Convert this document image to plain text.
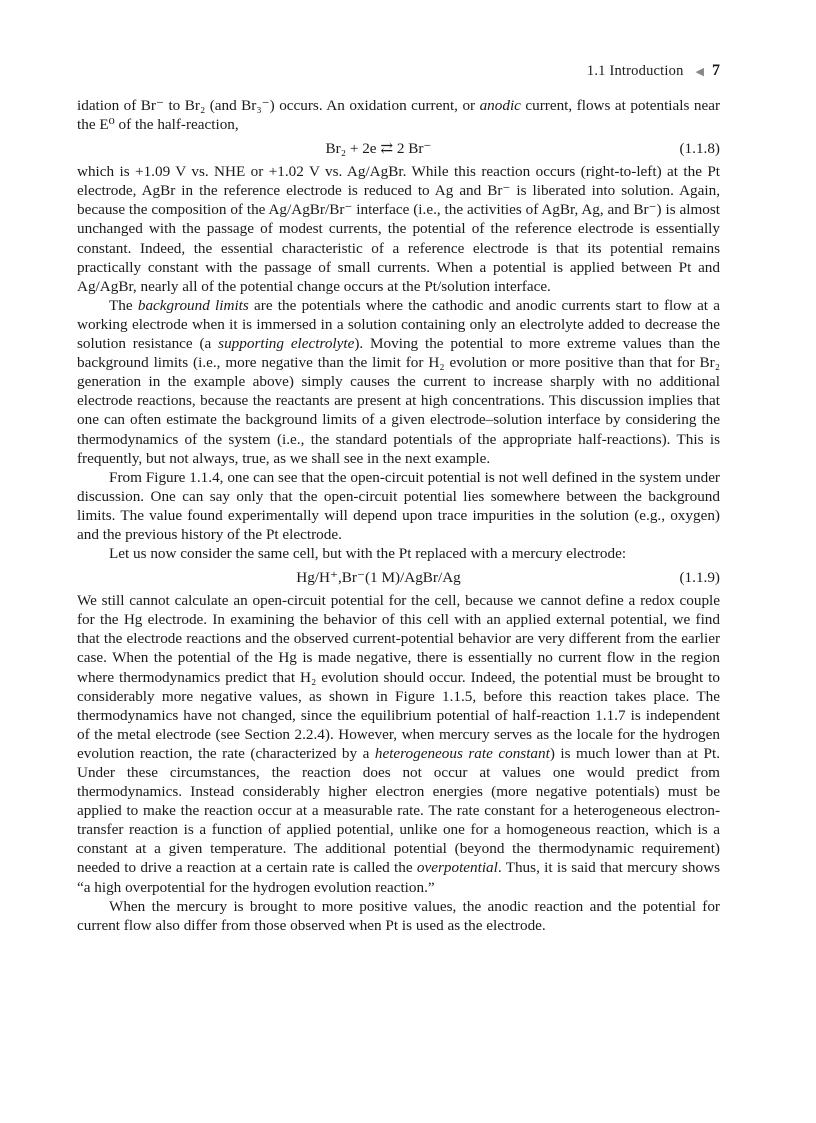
1.1 Introduction ◀ 7

idation of Br⁻ to Br₂ (and Br₃⁻) occurs. An oxidation current, or anodic current, flows at potentials near the E⁰ of the half-reaction,

Br₂ + 2e ⇄ 2 Br⁻	(1.1.8)

which is +1.09 V vs. NHE or +1.02 V vs. Ag/AgBr. While this reaction occurs (right-to-left) at the Pt electrode, AgBr in the reference electrode is reduced to Ag and Br⁻ is liberated into solution. Again, because the composition of the Ag/AgBr/Br⁻ interface (i.e., the activities of AgBr, Ag, and Br⁻) is almost unchanged with the passage of modest currents, the potential of the reference electrode is essentially constant. Indeed, the essential characteristic of a reference electrode is that its potential remains practically constant with the passage of small currents. When a potential is applied between Pt and Ag/AgBr, nearly all of the potential change occurs at the Pt/solution interface.

The background limits are the potentials where the cathodic and anodic currents start to flow at a working electrode when it is immersed in a solution containing only an electrolyte added to decrease the solution resistance (a supporting electrolyte). Moving the potential to more extreme values than the background limits (i.e., more negative than the limit for H₂ evolution or more positive than that for Br₂ generation in the example above) simply causes the current to increase sharply with no additional electrode reactions, because the reactants are present at high concentrations. This discussion implies that one can often estimate the background limits of a given electrode–solution interface by considering the thermodynamics of the system (i.e., the standard potentials of the appropriate half-reactions). This is frequently, but not always, true, as we shall see in the next example.

From Figure 1.1.4, one can see that the open-circuit potential is not well defined in the system under discussion. One can say only that the open-circuit potential lies somewhere between the background limits. The value found experimentally will depend upon trace impurities in the solution (e.g., oxygen) and the previous history of the Pt electrode.

Let us now consider the same cell, but with the Pt replaced with a mercury electrode:

Hg/H⁺,Br⁻(1 M)/AgBr/Ag	(1.1.9)

We still cannot calculate an open-circuit potential for the cell, because we cannot define a redox couple for the Hg electrode. In examining the behavior of this cell with an applied external potential, we find that the electrode reactions and the observed current-potential behavior are very different from the earlier case. When the potential of the Hg is made negative, there is essentially no current flow in the region where thermodynamics predict that H₂ evolution should occur. Indeed, the potential must be brought to considerably more negative values, as shown in Figure 1.1.5, before this reaction takes place. The thermodynamics have not changed, since the equilibrium potential of half-reaction 1.1.7 is independent of the metal electrode (see Section 2.2.4). However, when mercury serves as the locale for the hydrogen evolution reaction, the rate (characterized by a heterogeneous rate constant) is much lower than at Pt. Under these circumstances, the reaction does not occur at values one would predict from thermodynamics. Instead considerably higher electron energies (more negative potentials) must be applied to make the reaction occur at a measurable rate. The rate constant for a heterogeneous electron-transfer reaction is a function of applied potential, unlike one for a homogeneous reaction, which is a constant at a given temperature. The additional potential (beyond the thermodynamic requirement) needed to drive a reaction at a certain rate is called the overpotential. Thus, it is said that mercury shows “a high overpotential for the hydrogen evolution reaction.”

When the mercury is brought to more positive values, the anodic reaction and the potential for current flow also differ from those observed when Pt is used as the electrode.
